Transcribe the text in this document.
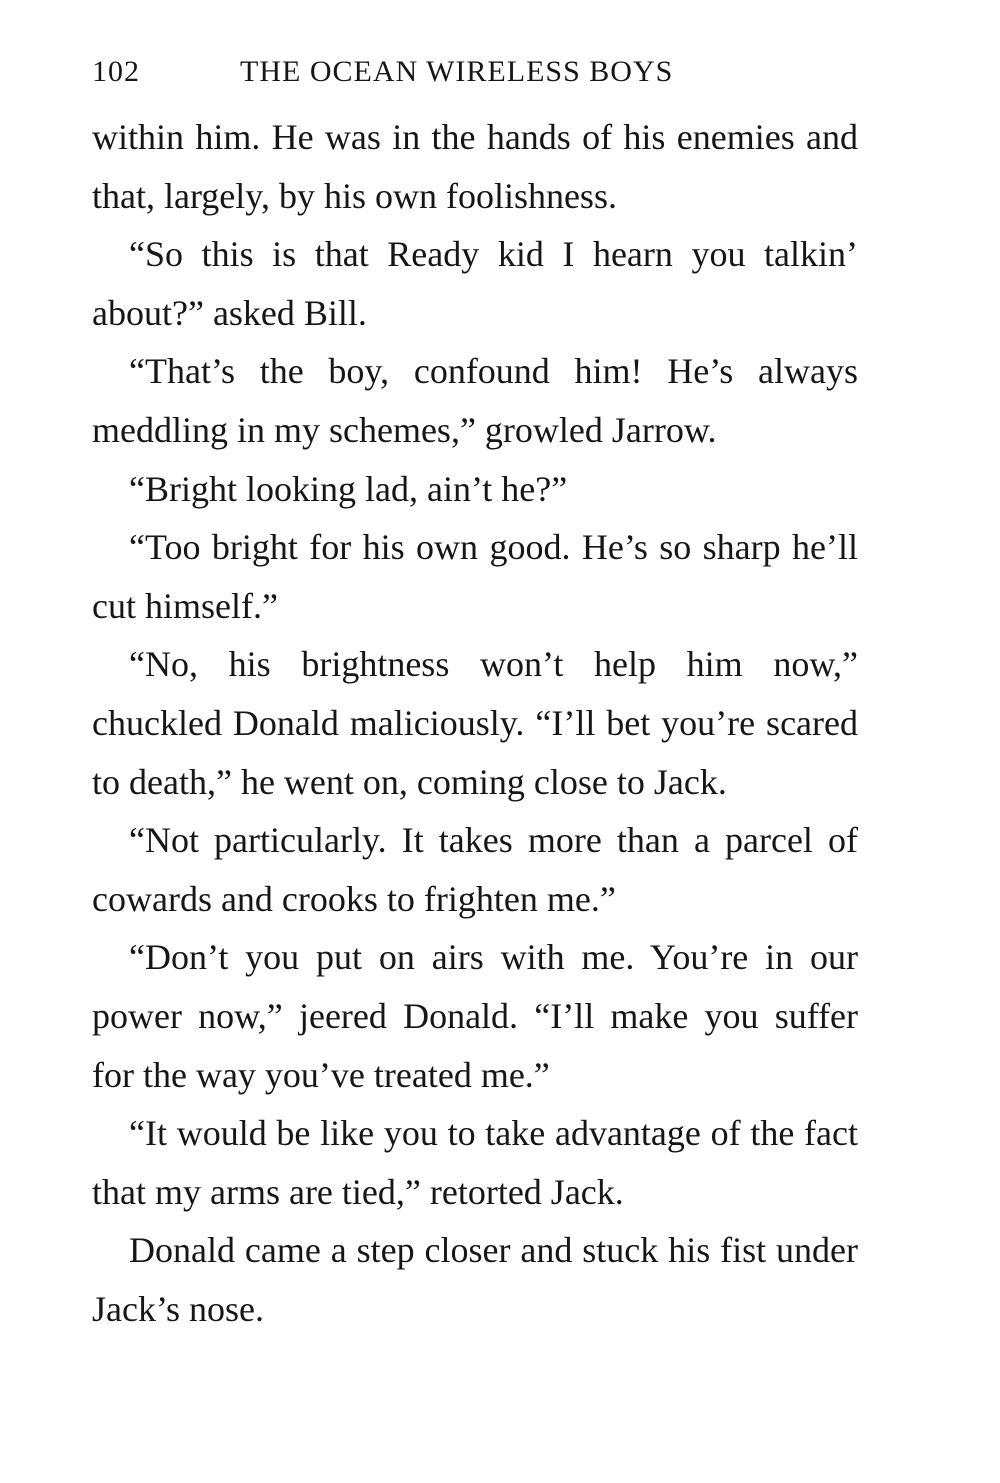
102	THE OCEAN WIRELESS BOYS

within him. He was in the hands of his enemies and that, largely, by his own foolishness.

“So this is that Ready kid I hearn you talkin’ about?” asked Bill.

“That’s the boy, confound him! He’s always meddling in my schemes,” growled Jarrow.

“Bright looking lad, ain’t he?”

“Too bright for his own good. He’s so sharp he’ll cut himself.”

“No, his brightness won’t help him now,” chuckled Donald maliciously. “I’ll bet you’re scared to death,” he went on, coming close to Jack.

“Not particularly. It takes more than a parcel of cowards and crooks to frighten me.”

“Don’t you put on airs with me. You’re in our power now,” jeered Donald. “I’ll make you suffer for the way you’ve treated me.”

“It would be like you to take advantage of the fact that my arms are tied,” retorted Jack.

Donald came a step closer and stuck his fist under Jack’s nose.
